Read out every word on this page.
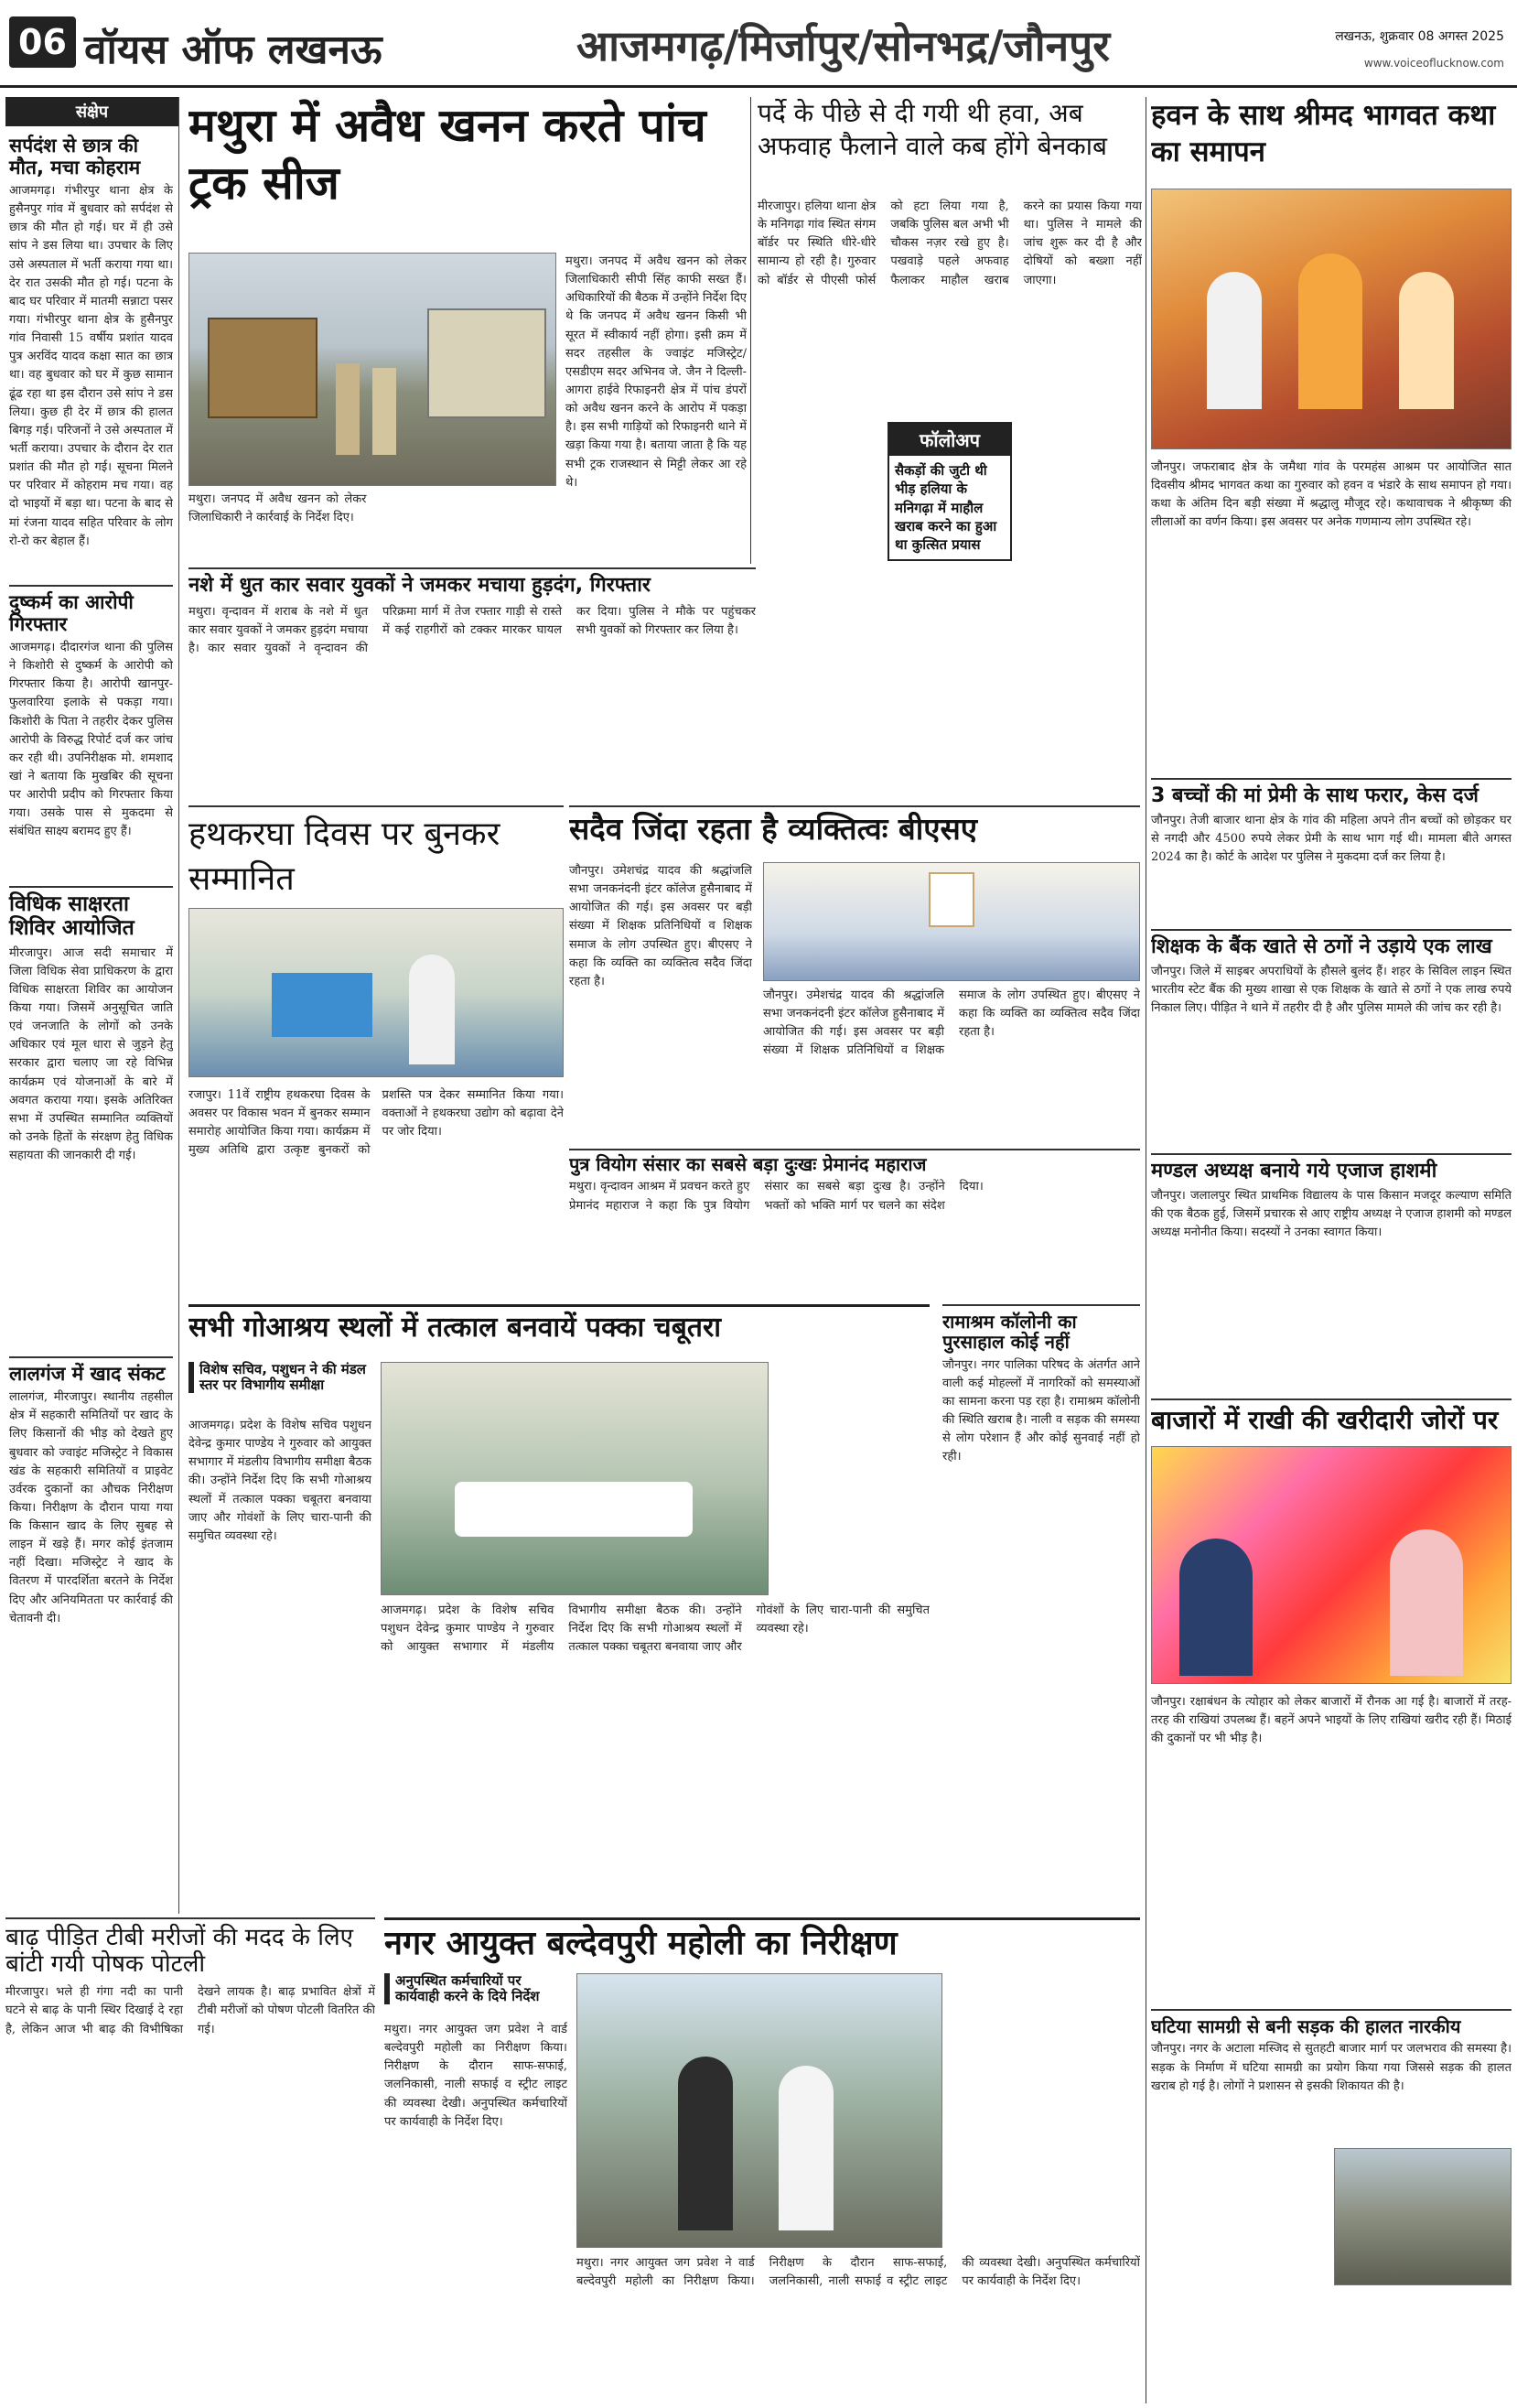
06 वॉयस ऑफ लखनऊ	आजमगढ़/मिर्जापुर/सोनभद्र/जौनपुर	लखनऊ, शुक्रवार 08 अगस्त 2025
www.voiceoflucknow.com
संक्षेप
सर्पदंश से छात्र की मौत, मचा कोहराम
आजमगढ़। गंभीरपुर थाना क्षेत्र के हुसैनपुर गांव में बुधवार को सर्पदंश से छात्र की मौत हो गई। घर में ही उसे सांप ने डस लिया था। उपचार के लिए उसे अस्पताल में भर्ती कराया गया था। देर रात उसकी मौत हो गई। पटना के बाद घर परिवार में मातमी सन्नाटा पसर गया। गंभीरपुर थाना क्षेत्र के हुसैनपुर गांव निवासी 15 वर्षीय प्रशांत यादव पुत्र अरविंद यादव कक्षा सात का छात्र था। वह बुधवार को घर में कुछ सामान ढूंढ रहा था इस दौरान उसे सांप ने डस लिया। कुछ ही देर में छात्र की हालत बिगड़ गई। परिजनों ने उसे अस्पताल में भर्ती कराया। उपचार के दौरान देर रात प्रशांत की मौत हो गई। सूचना मिलने पर परिवार में कोहराम मच गया। वह दो भाइयों में बड़ा था। पटना के बाद से मां रंजना यादव सहित परिवार के लोग रो-रो कर बेहाल हैं।
दुष्कर्म का आरोपी गिरफ्तार
आजमगढ़। दीदारगंज थाना की पुलिस ने किशोरी से दुष्कर्म के आरोपी को गिरफ्तार किया है। आरोपी खानपुर-फुलवारिया इलाके से पकड़ा गया। किशोरी के पिता ने तहरीर देकर पुलिस आरोपी के विरुद्ध रिपोर्ट दर्ज कर जांच कर रही थी। उपनिरीक्षक मो. शमशाद खां ने बताया कि मुखबिर की सूचना पर आरोपी प्रदीप को गिरफ्तार किया गया। उसके पास से मुकदमा से संबंधित साक्ष्य बरामद हुए हैं।
विधिक साक्षरता शिविर आयोजित
मीरजापुर। आज सदी समाचार में जिला विधिक सेवा प्राधिकरण के द्वारा विधिक साक्षरता शिविर का आयोजन किया गया। जिसमें अनुसूचित जाति एवं जनजाति के लोगों को उनके अधिकार एवं मूल धारा से जुड़ने हेतु सरकार द्वारा चलाए जा रहे विभिन्न कार्यक्रम एवं योजनाओं के बारे में अवगत कराया गया। इसके अतिरिक्त सभा में उपस्थित सम्मानित व्यक्तियों को उनके हितों के संरक्षण हेतु विधिक सहायता की जानकारी दी गई।
लालगंज में खाद संकट
लालगंज, मीरजापुर। स्थानीय तहसील क्षेत्र में सहकारी समितियों पर खाद के लिए किसानों की भीड़ को देखते हुए बुधवार को ज्वाइंट मजिस्ट्रेट ने विकास खंड के सहकारी समितियों व प्राइवेट उर्वरक दुकानों का औचक निरीक्षण किया। निरीक्षण के दौरान पाया गया कि किसान खाद के लिए सुबह से लाइन में खड़े हैं। मगर कोई इंतजाम नहीं दिखा। मजिस्ट्रेट ने खाद के वितरण में पारदर्शिता बरतने के निर्देश दिए और अनियमितता पर कार्रवाई की चेतावनी दी।
मथुरा में अवैध खनन करते पांच ट्रक सीज
मथुरा। जनपद में अवैध खनन को लेकर जिलाधिकारी ने कार्रवाई के निर्देश दिए।
मथुरा। जनपद में अवैध खनन को लेकर जिलाधिकारी सीपी सिंह काफी सख्त हैं। अधिकारियों की बैठक में उन्होंने निर्देश दिए थे कि जनपद में अवैध खनन किसी भी सूरत में स्वीकार्य नहीं होगा। इसी क्रम में सदर तहसील के ज्वाइंट मजिस्ट्रेट/एसडीएम सदर अभिनव जे. जैन ने दिल्ली-आगरा हाईवे रिफाइनरी क्षेत्र में पांच डंपरों को अवैध खनन करने के आरोप में पकड़ा है। इस सभी गाड़ियों को रिफाइनरी थाने में खड़ा किया गया है। बताया जाता है कि यह सभी ट्रक राजस्थान से मिट्टी लेकर आ रहे थे।
पर्दे के पीछे से दी गयी थी हवा, अब अफवाह फैलाने वाले कब होंगे बेनकाब
मीरजापुर। हलिया थाना क्षेत्र के मनिगढ़ा गांव स्थित संगम बॉर्डर पर स्थिति धीरे-धीरे सामान्य हो रही है। गुरुवार को बॉर्डर से पीएसी फोर्स को हटा लिया गया है, जबकि पुलिस बल अभी भी चौकस नज़र रखे हुए है। पखवाड़े पहले अफवाह फैलाकर माहौल खराब करने का प्रयास किया गया था। पुलिस ने मामले की जांच शुरू कर दी है और दोषियों को बख्शा नहीं जाएगा।
फॉलोअप
सैकड़ों की जुटी थी भीड़ हलिया के मनिगढ़ा में माहौल खराब करने का हुआ था कुत्सित प्रयास
हवन के साथ श्रीमद भागवत कथा का समापन
जौनपुर। जफराबाद क्षेत्र के जमैथा गांव के परमहंस आश्रम पर आयोजित सात दिवसीय श्रीमद भागवत कथा का गुरुवार को हवन व भंडारे के साथ समापन हो गया। कथा के अंतिम दिन बड़ी संख्या में श्रद्धालु मौजूद रहे। कथावाचक ने श्रीकृष्ण की लीलाओं का वर्णन किया। इस अवसर पर अनेक गणमान्य लोग उपस्थित रहे।
3 बच्चों की मां प्रेमी के साथ फरार, केस दर्ज
जौनपुर। तेजी बाजार थाना क्षेत्र के गांव की महिला अपने तीन बच्चों को छोड़कर घर से नगदी और 4500 रुपये लेकर प्रेमी के साथ भाग गई थी। मामला बीते अगस्त 2024 का है। कोर्ट के आदेश पर पुलिस ने मुकदमा दर्ज कर लिया है।
शिक्षक के बैंक खाते से ठगों ने उड़ाये एक लाख
जौनपुर। जिले में साइबर अपराधियों के हौसले बुलंद हैं। शहर के सिविल लाइन स्थित भारतीय स्टेट बैंक की मुख्य शाखा से एक शिक्षक के खाते से ठगों ने एक लाख रुपये निकाल लिए। पीड़ित ने थाने में तहरीर दी है और पुलिस मामले की जांच कर रही है।
मण्डल अध्यक्ष बनाये गये एजाज हाशमी
जौनपुर। जलालपुर स्थित प्राथमिक विद्यालय के पास किसान मजदूर कल्याण समिति की एक बैठक हुई, जिसमें प्रचारक से आए राष्ट्रीय अध्यक्ष ने एजाज हाशमी को मण्डल अध्यक्ष मनोनीत किया। सदस्यों ने उनका स्वागत किया।
बाजारों में राखी की खरीदारी जोरों पर
जौनपुर। रक्षाबंधन के त्योहार को लेकर बाजारों में रौनक आ गई है। बाजारों में तरह-तरह की राखियां उपलब्ध हैं। बहनें अपने भाइयों के लिए राखियां खरीद रही हैं। मिठाई की दुकानों पर भी भीड़ है।
घटिया सामग्री से बनी सड़क की हालत नारकीय
जौनपुर। नगर के अटाला मस्जिद से सुतहटी बाजार मार्ग पर जलभराव की समस्या है। सड़क के निर्माण में घटिया सामग्री का प्रयोग किया गया जिससे सड़क की हालत खराब हो गई है। लोगों ने प्रशासन से इसकी शिकायत की है।
नशे में धुत कार सवार युवकों ने जमकर मचाया हुड़दंग, गिरफ्तार
मथुरा। वृन्दावन में शराब के नशे में धुत कार सवार युवकों ने जमकर हुड़दंग मचाया है। कार सवार युवकों ने वृन्दावन की परिक्रमा मार्ग में तेज रफ्तार गाड़ी से रास्ते में कई राहगीरों को टक्कर मारकर घायल कर दिया। पुलिस ने मौके पर पहुंचकर सभी युवकों को गिरफ्तार कर लिया है।
हथकरघा दिवस पर बुनकर सम्मानित
रजापुर। 11वें राष्ट्रीय हथकरघा दिवस के अवसर पर विकास भवन में बुनकर सम्मान समारोह आयोजित किया गया। कार्यक्रम में मुख्य अतिथि द्वारा उत्कृष्ट बुनकरों को प्रशस्ति पत्र देकर सम्मानित किया गया। वक्ताओं ने हथकरघा उद्योग को बढ़ावा देने पर जोर दिया।
पुत्र वियोग संसार का सबसे बड़ा दुःखः प्रेमानंद महाराज
मथुरा। वृन्दावन आश्रम में प्रवचन करते हुए प्रेमानंद महाराज ने कहा कि पुत्र वियोग संसार का सबसे बड़ा दुःख है। उन्होंने भक्तों को भक्ति मार्ग पर चलने का संदेश दिया।
सदैव जिंदा रहता है व्यक्तित्वः बीएसए
जौनपुर। उमेशचंद्र यादव की श्रद्धांजलि सभा जनकनंदनी इंटर कॉलेज हुसैनाबाद में आयोजित की गई। इस अवसर पर बड़ी संख्या में शिक्षक प्रतिनिधियों व शिक्षक समाज के लोग उपस्थित हुए। बीएसए ने कहा कि व्यक्ति का व्यक्तित्व सदैव जिंदा रहता है।
जौनपुर। उमेशचंद्र यादव की श्रद्धांजलि सभा जनकनंदनी इंटर कॉलेज हुसैनाबाद में आयोजित की गई। इस अवसर पर बड़ी संख्या में शिक्षक प्रतिनिधियों व शिक्षक समाज के लोग उपस्थित हुए। बीएसए ने कहा कि व्यक्ति का व्यक्तित्व सदैव जिंदा रहता है।
सभी गोआश्रय स्थलों में तत्काल बनवायें पक्का चबूतरा
विशेष सचिव, पशुधन ने की मंडल स्तर पर विभागीय समीक्षा
आजमगढ़। प्रदेश के विशेष सचिव पशुधन देवेन्द्र कुमार पाण्डेय ने गुरुवार को आयुक्त सभागार में मंडलीय विभागीय समीक्षा बैठक की। उन्होंने निर्देश दिए कि सभी गोआश्रय स्थलों में तत्काल पक्का चबूतरा बनवाया जाए और गोवंशों के लिए चारा-पानी की समुचित व्यवस्था रहे।
आजमगढ़। प्रदेश के विशेष सचिव पशुधन देवेन्द्र कुमार पाण्डेय ने गुरुवार को आयुक्त सभागार में मंडलीय विभागीय समीक्षा बैठक की। उन्होंने निर्देश दिए कि सभी गोआश्रय स्थलों में तत्काल पक्का चबूतरा बनवाया जाए और गोवंशों के लिए चारा-पानी की समुचित व्यवस्था रहे।
रामाश्रम कॉलोनी का पुरसाहाल कोई नहीं
जौनपुर। नगर पालिका परिषद के अंतर्गत आने वाली कई मोहल्लों में नागरिकों को समस्याओं का सामना करना पड़ रहा है। रामाश्रम कॉलोनी की स्थिति खराब है। नाली व सड़क की समस्या से लोग परेशान हैं और कोई सुनवाई नहीं हो रही।
बाढ़ पीड़ित टीबी मरीजों की मदद के लिए बांटी गयी पोषक पोटली
मीरजापुर। भले ही गंगा नदी का पानी घटने से बाढ़ के पानी स्थिर दिखाई दे रहा है, लेकिन आज भी बाढ़ की विभीषिका देखने लायक है। बाढ़ प्रभावित क्षेत्रों में टीबी मरीजों को पोषण पोटली वितरित की गई।
नगर आयुक्त बल्देवपुरी महोली का निरीक्षण
अनुपस्थित कर्मचारियों पर कार्यवाही करने के दिये निर्देश
मथुरा। नगर आयुक्त जग प्रवेश ने वार्ड बल्देवपुरी महोली का निरीक्षण किया। निरीक्षण के दौरान साफ-सफाई, जलनिकासी, नाली सफाई व स्ट्रीट लाइट की व्यवस्था देखी। अनुपस्थित कर्मचारियों पर कार्यवाही के निर्देश दिए।
मथुरा। नगर आयुक्त जग प्रवेश ने वार्ड बल्देवपुरी महोली का निरीक्षण किया। निरीक्षण के दौरान साफ-सफाई, जलनिकासी, नाली सफाई व स्ट्रीट लाइट की व्यवस्था देखी। अनुपस्थित कर्मचारियों पर कार्यवाही के निर्देश दिए।
